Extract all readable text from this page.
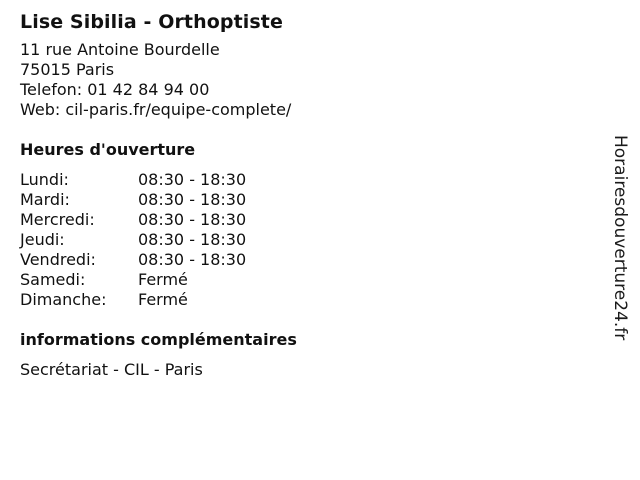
Lise Sibilia - Orthoptiste
11 rue Antoine Bourdelle
75015 Paris
Telefon: 01 42 84 94 00
Web: cil-paris.fr/equipe-complete/
Heures d'ouverture
Lundi:	08:30 - 18:30
Mardi:	08:30 - 18:30
Mercredi:	08:30 - 18:30
Jeudi:	08:30 - 18:30
Vendredi:	08:30 - 18:30
Samedi:	Fermé
Dimanche:	Fermé
informations complémentaires
Secrétariat - CIL - Paris
Horairesdouverture24.fr
